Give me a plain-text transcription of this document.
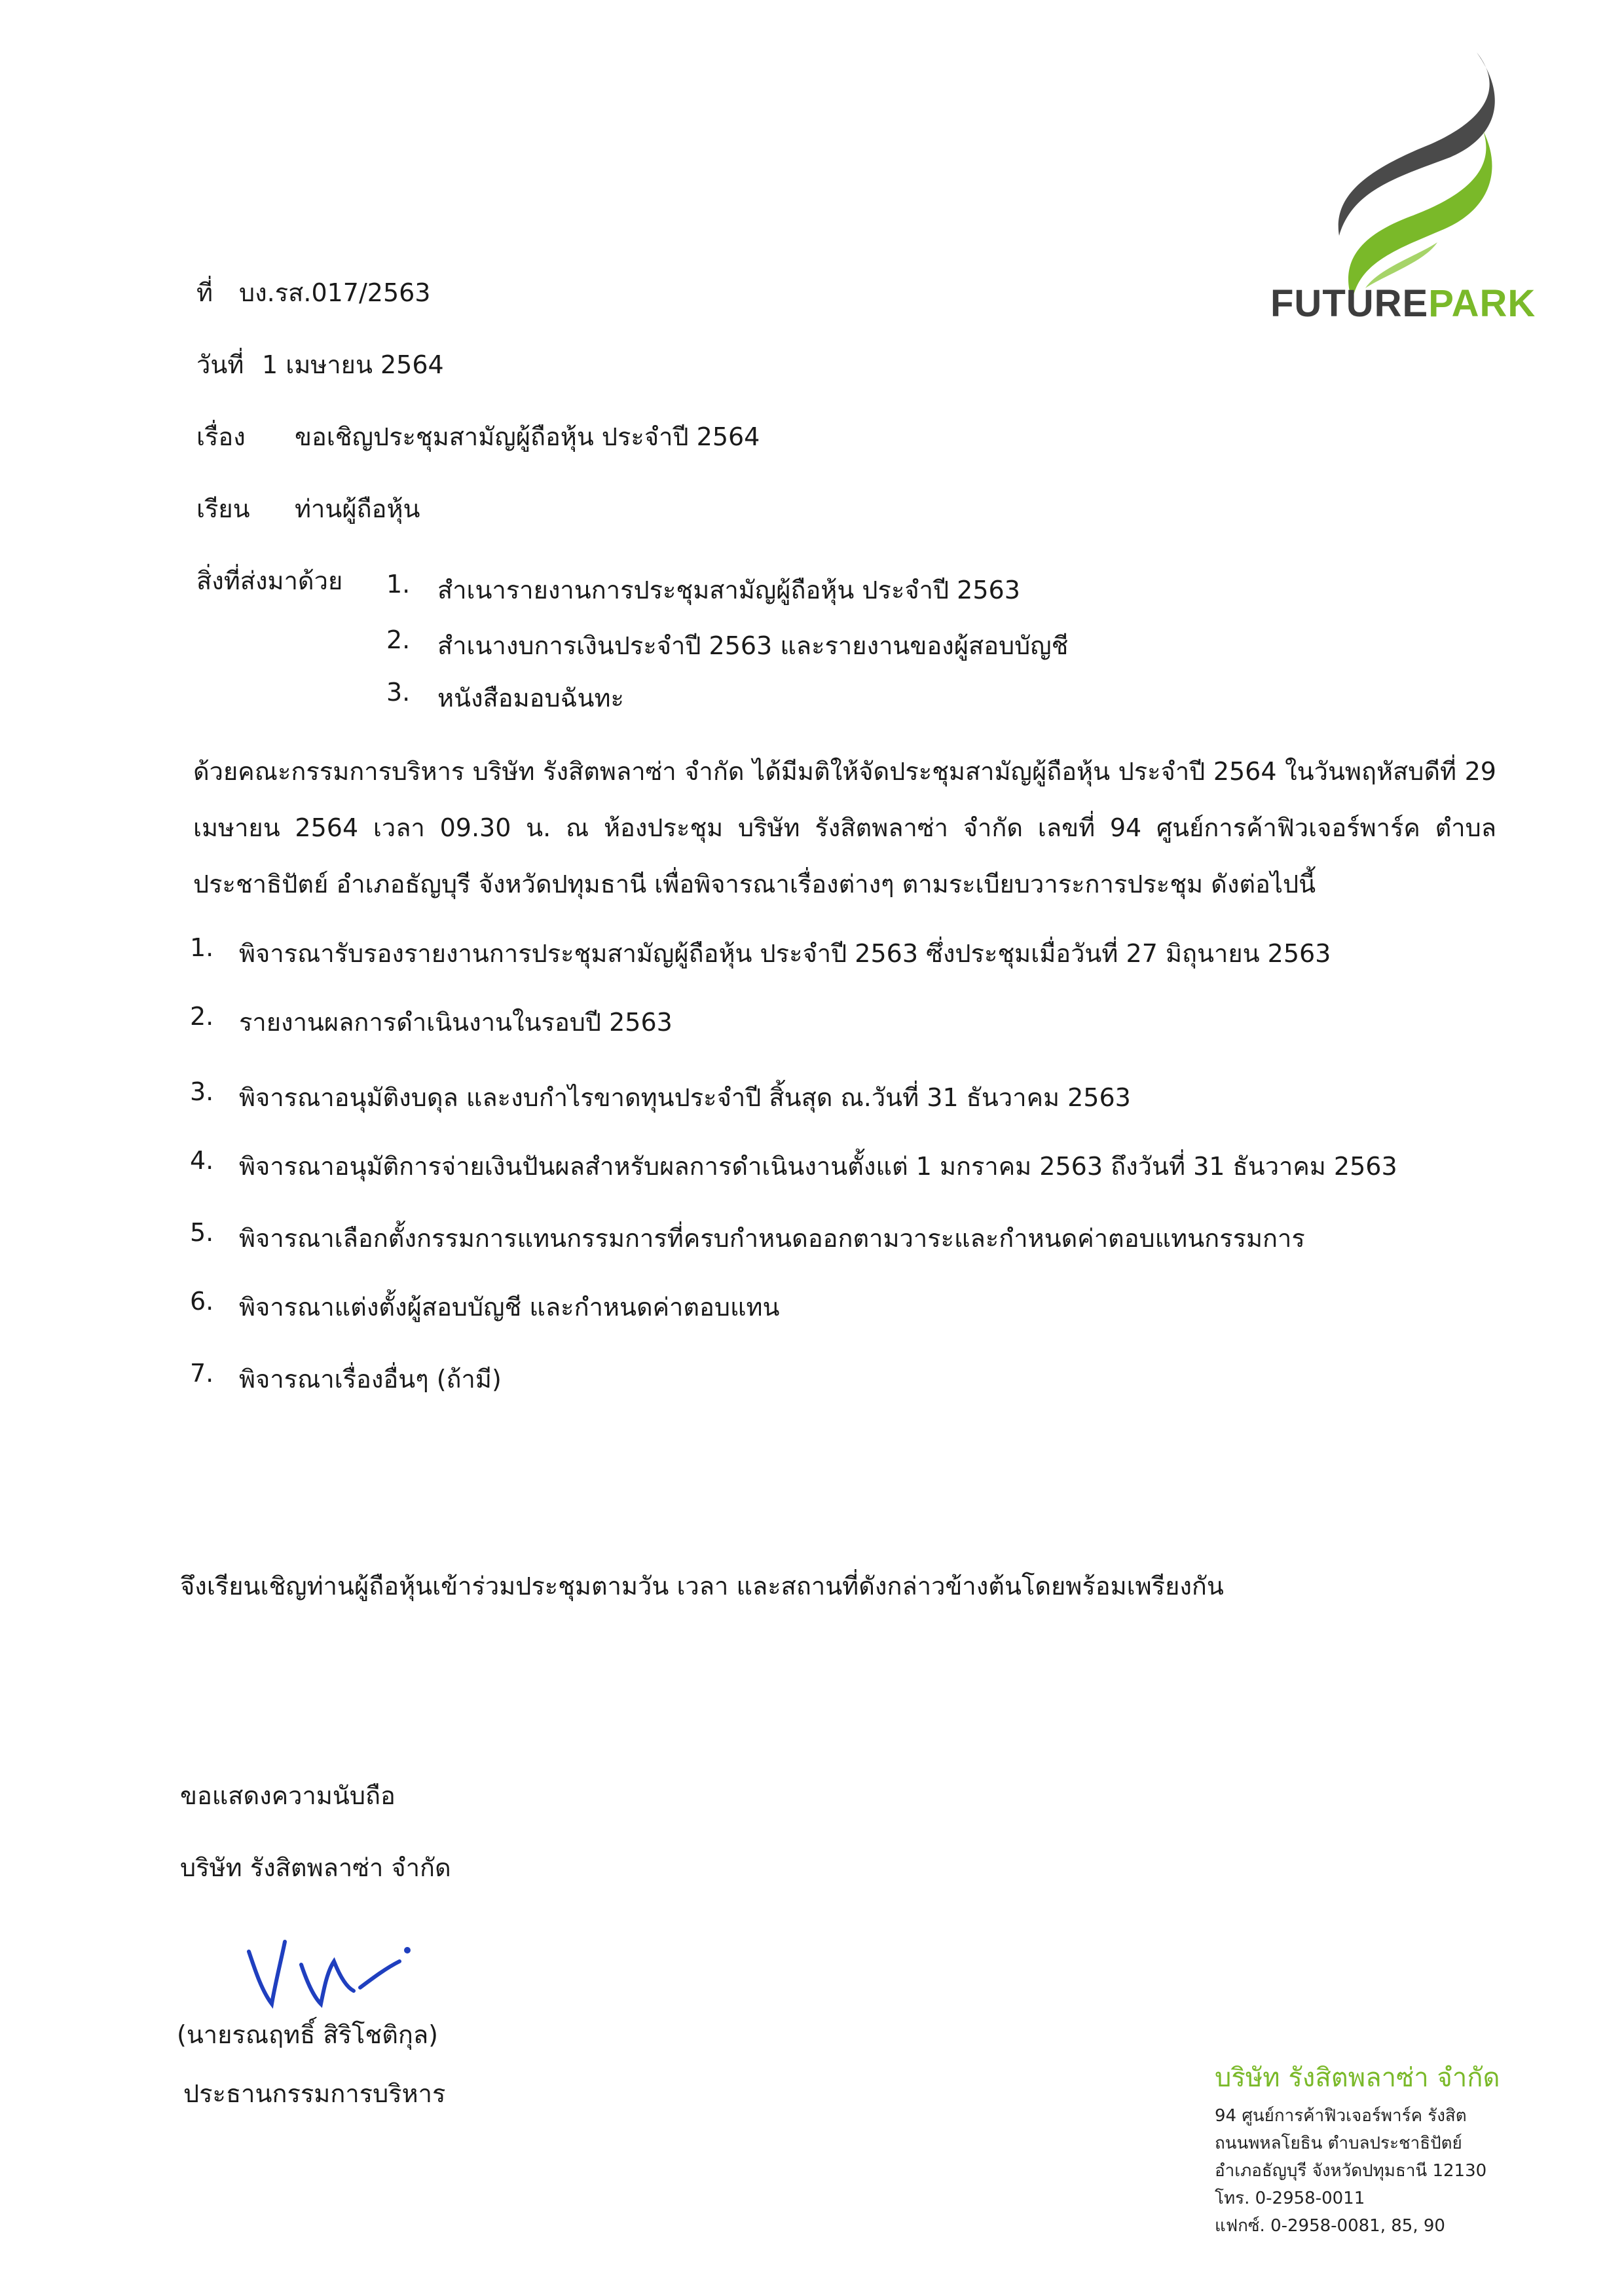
FUTUREPARK
ที่ บง.รส.017/2563
วันที่ 1 เมษายน 2564
เรื่อง ขอเชิญประชุมสามัญผู้ถือหุ้น ประจำปี 2564
เรียน ท่านผู้ถือหุ้น
สิ่งที่ส่งมาด้วย 1. สำเนารายงานการประชุมสามัญผู้ถือหุ้น ประจำปี 2563
2. สำเนางบการเงินประจำปี 2563 และรายงานของผู้สอบบัญชี
3. หนังสือมอบฉันทะ
ด้วยคณะกรรมการบริหาร บริษัท รังสิตพลาซ่า จำกัด ได้มีมติให้จัดประชุมสามัญผู้ถือหุ้น ประจำปี 2564 ในวันพฤหัสบดีที่ 29 เมษายน 2564 เวลา 09.30 น. ณ ห้องประชุม บริษัท รังสิตพลาซ่า จำกัด เลขที่ 94 ศูนย์การค้าฟิวเจอร์พาร์ค ตำบลประชาธิปัตย์ อำเภอธัญบุรี จังหวัดปทุมธานี เพื่อพิจารณาเรื่องต่างๆ ตามระเบียบวาระการประชุม ดังต่อไปนี้
1. พิจารณารับรองรายงานการประชุมสามัญผู้ถือหุ้น ประจำปี 2563 ซึ่งประชุมเมื่อวันที่ 27 มิถุนายน 2563
2. รายงานผลการดำเนินงานในรอบปี 2563
3. พิจารณาอนุมัติงบดุล และงบกำไรขาดทุนประจำปี สิ้นสุด ณ.วันที่ 31 ธันวาคม 2563
4. พิจารณาอนุมัติการจ่ายเงินปันผลสำหรับผลการดำเนินงานตั้งแต่ 1 มกราคม 2563 ถึงวันที่ 31 ธันวาคม 2563
5. พิจารณาเลือกตั้งกรรมการแทนกรรมการที่ครบกำหนดออกตามวาระและกำหนดค่าตอบแทนกรรมการ
6. พิจารณาแต่งตั้งผู้สอบบัญชี และกำหนดค่าตอบแทน
7. พิจารณาเรื่องอื่นๆ (ถ้ามี)
จึงเรียนเชิญท่านผู้ถือหุ้นเข้าร่วมประชุมตามวัน เวลา และสถานที่ดังกล่าวข้างต้นโดยพร้อมเพรียงกัน
ขอแสดงความนับถือ
บริษัท รังสิตพลาซ่า จำกัด
(นายรณฤทธิ์ สิริโชติกุล)
ประธานกรรมการบริหาร
บริษัท รังสิตพลาซ่า จำกัด
94 ศูนย์การค้าฟิวเจอร์พาร์ค รังสิต
ถนนพหลโยธิน ตำบลประชาธิปัตย์
อำเภอธัญบุรี จังหวัดปทุมธานี 12130
โทร. 0-2958-0011
แฟกซ์. 0-2958-0081, 85, 90
